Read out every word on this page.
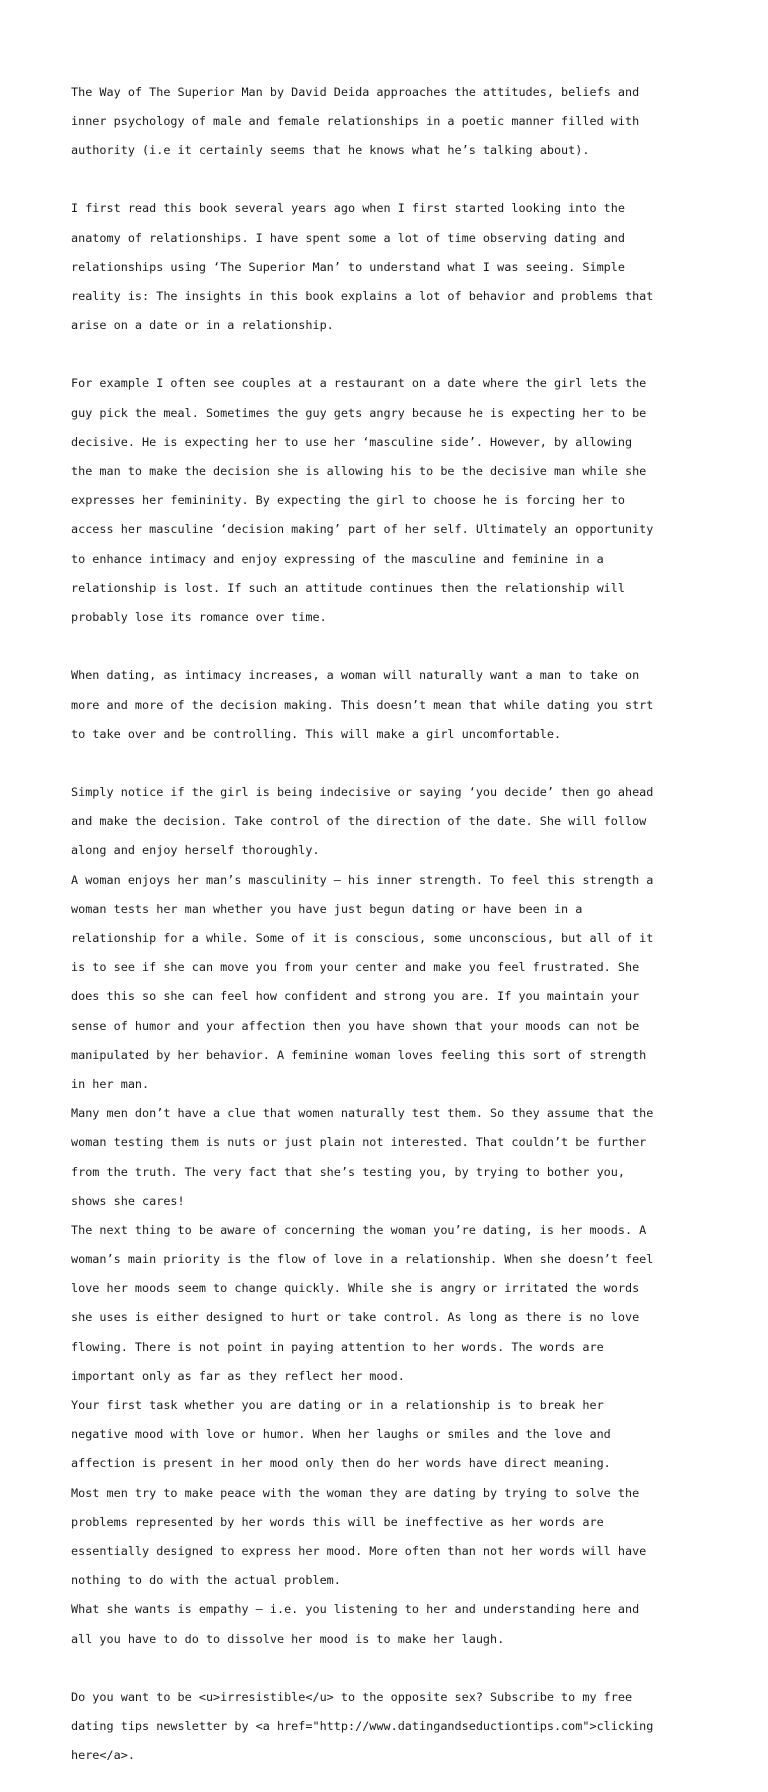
The Way of The Superior Man by David Deida approaches the attitudes, beliefs and

inner psychology of male and female relationships in a poetic manner filled with

authority (i.e it certainly seems that he knows what he’s talking about).

I first read this book several years ago when I first started looking into the

anatomy of relationships. I have spent some a lot of time observing dating and

relationships using ‘The Superior Man’ to understand what I was seeing. Simple

reality is: The insights in this book explains a lot of behavior and problems that

arise on a date or in a relationship.

For example I often see couples at a restaurant on a date where the girl lets the

guy pick the meal. Sometimes the guy gets angry because he is expecting her to be

decisive. He is expecting her to use her ‘masculine side’. However, by allowing

the man to make the decision she is allowing his to be the decisive man while she

expresses her femininity. By expecting the girl to choose he is forcing her to

access her masculine ‘decision making’ part of her self. Ultimately an opportunity

to enhance intimacy and enjoy expressing of the masculine and feminine in a

relationship is lost. If such an attitude continues then the relationship will

probably lose its romance over time.

When dating, as intimacy increases, a woman will naturally want a man to take on

more and more of the decision making. This doesn’t mean that while dating you strt

to take over and be controlling. This will make a girl uncomfortable.

Simply notice if the girl is being indecisive or saying ‘you decide’ then go ahead

and make the decision. Take control of the direction of the date. She will follow

along and enjoy herself thoroughly.

A woman enjoys her man’s masculinity – his inner strength. To feel this strength a

woman tests her man whether you have just begun dating or have been in a

relationship for a while. Some of it is conscious, some unconscious, but all of it

is to see if she can move you from your center and make you feel frustrated. She

does this so she can feel how confident and strong you are. If you maintain your

sense of humor and your affection then you have shown that your moods can not be

manipulated by her behavior. A feminine woman loves feeling this sort of strength

in her man.

Many men don’t have a clue that women naturally test them. So they assume that the

woman testing them is nuts or just plain not interested. That couldn’t be further

from the truth. The very fact that she’s testing you, by trying to bother you,

shows she cares!

The next thing to be aware of concerning the woman you’re dating, is her moods. A

woman’s main priority is the flow of love in a relationship. When she doesn’t feel

love her moods seem to change quickly. While she is angry or irritated the words

she uses is either designed to hurt or take control. As long as there is no love

flowing. There is not point in paying attention to her words. The words are

important only as far as they reflect her mood.

Your first task whether you are dating or in a relationship is to break her

negative mood with love or humor. When her laughs or smiles and the love and

affection is present in her mood only then do her words have direct meaning.

Most men try to make peace with the woman they are dating by trying to solve the

problems represented by her words this will be ineffective as her words are

essentially designed to express her mood. More often than not her words will have

nothing to do with the actual problem.

What she wants is empathy – i.e. you listening to her and understanding here and

all you have to do to dissolve her mood is to make her laugh.

Do you want to be <u>irresistible</u> to the opposite sex? Subscribe to my free

dating tips newsletter by <a href="http://www.datingandseductiontips.com">clicking

here</a>.
